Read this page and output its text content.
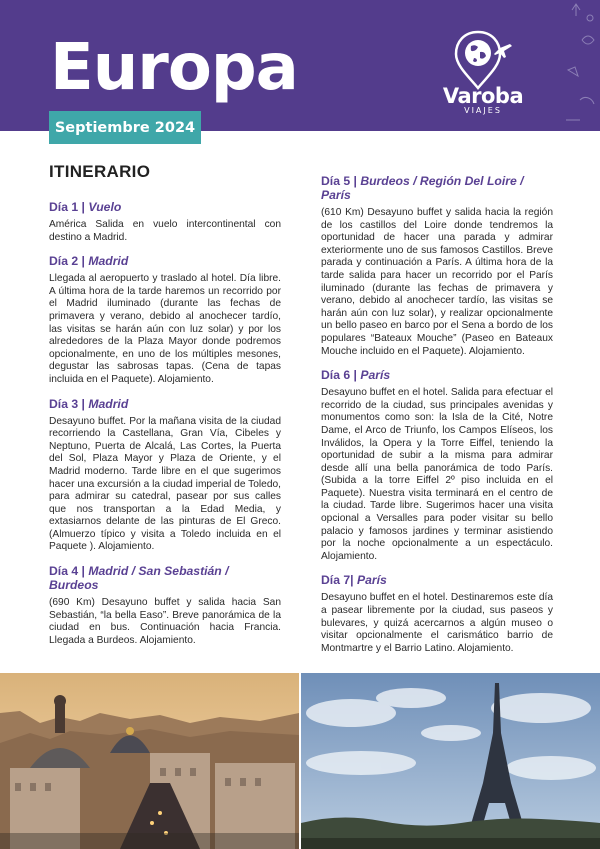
Europa	Varoba
VIAJES
Septiembre 2024
ITINERARIO
Día 1 | Vuelo

América Salida en vuelo intercontinental con destino a Madrid.

Día 2 | Madrid

Llegada al aeropuerto y traslado al hotel. Día libre. A última hora de la tarde haremos un recorrido por el Madrid iluminado (durante las fechas de primavera y verano, debido al anochecer tardío, las visitas se harán aún con luz solar) y por los alrededores de la Plaza Mayor donde podremos opcionalmente, en uno de los múltiples mesones, degustar las sabrosas tapas. (Cena de tapas incluida en el Paquete). Alojamiento.

Día 3 | Madrid

Desayuno buffet. Por la mañana visita de la ciudad recorriendo la Castellana, Gran Vía, Cibeles y Neptuno, Puerta de Alcalá, Las Cortes, la Puerta del Sol, Plaza Mayor y Plaza de Oriente, y el Madrid moderno. Tarde libre en el que sugerimos hacer una excursión a la ciudad imperial de Toledo, para admirar su catedral, pasear por sus calles que nos transportan a la Edad Media, y extasiarnos delante de las pinturas de El Greco. (Almuerzo típico y visita a Toledo incluida en el Paquete ). Alojamiento.

Día 4 | Madrid / San Sebastián / Burdeos

(690 Km) Desayuno buffet y salida hacia San Sebastián, “la bella Easo”. Breve panorámica de la ciudad en bus. Continuación hacia Francia. Llegada a Burdeos. Alojamiento.

Día 5 | Burdeos / Región Del Loire / París

(610 Km) Desayuno buffet y salida hacia la región de los castillos del Loire donde tendremos la oportunidad de hacer una parada y admirar exteriormente uno de sus famosos Castillos. Breve parada y continuación a París. A última hora de la tarde salida para hacer un recorrido por el París iluminado (durante las fechas de primavera y verano, debido al anochecer tardío, las visitas se harán aún con luz solar), y realizar opcionalmente un bello paseo en barco por el Sena a bordo de los populares “Bateaux Mouche” (Paseo en Bateaux Mouche incluido en el Paquete). Alojamiento.

Día 6 | París

Desayuno buffet en el hotel. Salida para efectuar el recorrido de la ciudad, sus principales avenidas y monumentos como son: la Isla de la Cité, Notre Dame, el Arco de Triunfo, los Campos Elíseos, los Inválidos, la Opera y la Torre Eiffel, teniendo la oportunidad de subir a la misma para admirar desde allí una bella panorámica de todo París. (Subida a la torre Eiffel 2º piso incluida en el Paquete). Nuestra visita terminará en el centro de la ciudad. Tarde libre. Sugerimos hacer una visita opcional a Versalles para poder visitar su bello palacio y famosos jardines y terminar asistiendo por la noche opcionalmente a un espectáculo. Alojamiento.

Día 7| París

Desayuno buffet en el hotel. Destinaremos este día a pasear libremente por la ciudad, sus paseos y bulevares, y quizá acercarnos a algún museo o visitar opcionalmente el carismático barrio de Montmartre y el Barrio Latino. Alojamiento.
